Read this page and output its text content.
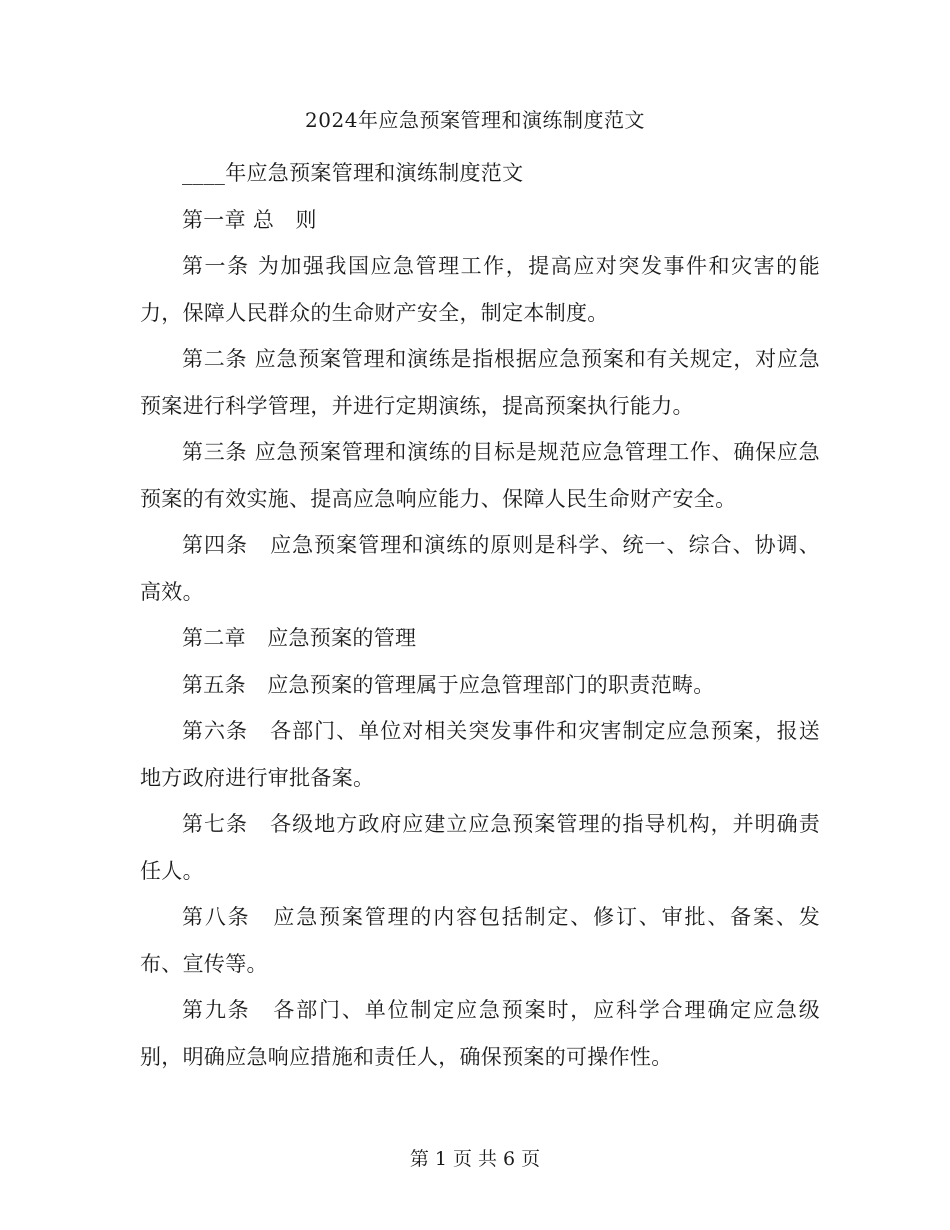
2024年应急预案管理和演练制度范文

____年应急预案管理和演练制度范文

第一章 总　则

第一条 为加强我国应急管理工作，提高应对突发事件和灾害的能力，保障人民群众的生命财产安全，制定本制度。

第二条 应急预案管理和演练是指根据应急预案和有关规定，对应急预案进行科学管理，并进行定期演练，提高预案执行能力。

第三条 应急预案管理和演练的目标是规范应急管理工作、确保应急预案的有效实施、提高应急响应能力、保障人民生命财产安全。

第四条　应急预案管理和演练的原则是科学、统一、综合、协调、高效。

第二章　应急预案的管理

第五条　应急预案的管理属于应急管理部门的职责范畴。

第六条　各部门、单位对相关突发事件和灾害制定应急预案，报送地方政府进行审批备案。

第七条　各级地方政府应建立应急预案管理的指导机构，并明确责任人。

第八条　应急预案管理的内容包括制定、修订、审批、备案、发布、宣传等。

第九条　各部门、单位制定应急预案时，应科学合理确定应急级别，明确应急响应措施和责任人，确保预案的可操作性。

第 1 页 共 6 页
